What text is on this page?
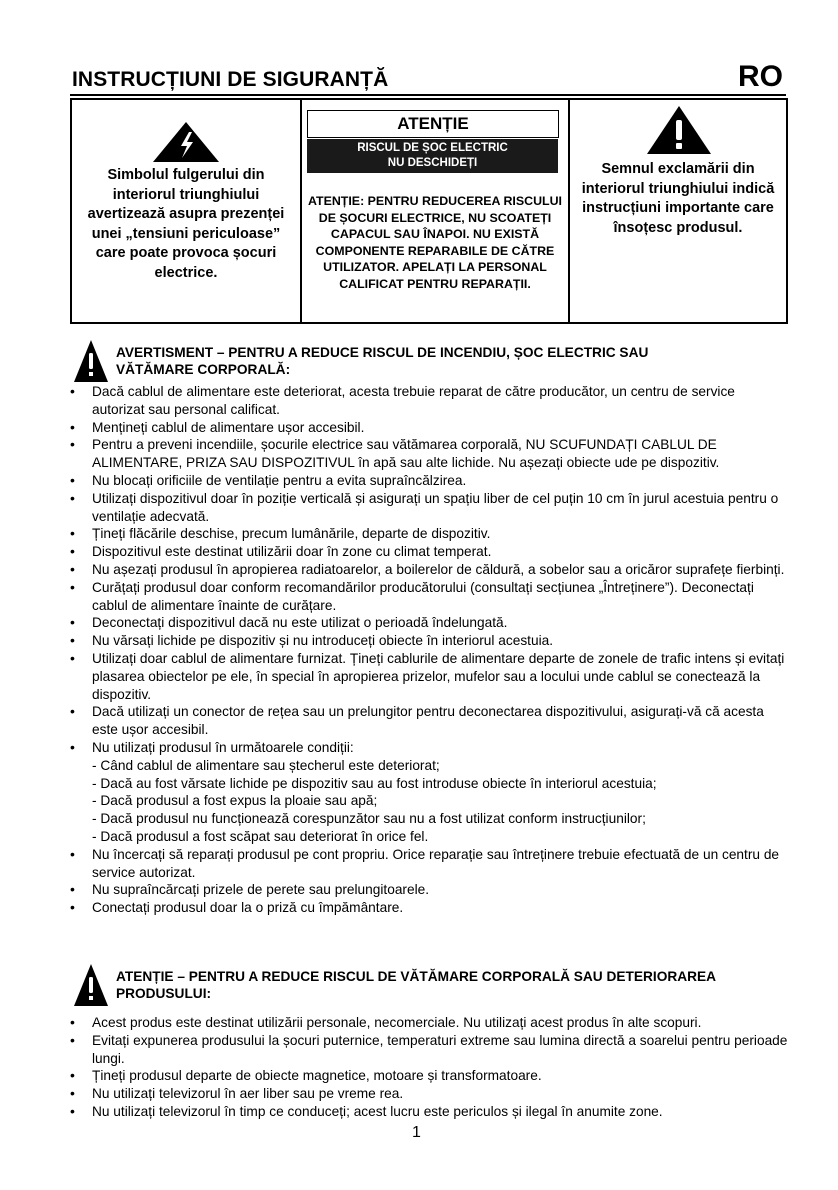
INSTRUCȚIUNI DE SIGURANȚĂ	RO
Simbolul fulgerului din interiorul triunghiului avertizează asupra prezenței unei „tensiuni periculoase” care poate provoca șocuri electrice.
ATENȚIE
RISCUL DE ȘOC ELECTRIC
NU DESCHIDEȚI
ATENȚIE: PENTRU REDUCEREA RISCULUI DE ȘOCURI ELECTRICE, NU SCOATEȚI CAPACUL SAU ÎNAPOI. NU EXISTĂ COMPONENTE REPARABILE DE CĂTRE UTILIZATOR. APELAȚI LA PERSONAL CALIFICAT PENTRU REPARAȚII.
Semnul exclamării din interiorul triunghiului indică instrucțiuni importante care însoțesc produsul.
AVERTISMENT – PENTRU A REDUCE RISCUL DE INCENDIU, ȘOC ELECTRIC SAU
VĂTĂMARE CORPORALĂ:
• Dacă cablul de alimentare este deteriorat, acesta trebuie reparat de către producător, un centru de service autorizat sau personal calificat.
• Mențineți cablul de alimentare ușor accesibil.
• Pentru a preveni incendiile, șocurile electrice sau vătămarea corporală, NU SCUFUNDAȚI CABLUL DE ALIMENTARE, PRIZA SAU DISPOZITIVUL în apă sau alte lichide. Nu așezați obiecte ude pe dispozitiv.
• Nu blocați orificiile de ventilație pentru a evita supraîncălzirea.
• Utilizați dispozitivul doar în poziție verticală și asigurați un spațiu liber de cel puțin 10 cm în jurul acestuia pentru o ventilație adecvată.
• Țineți flăcările deschise, precum lumânările, departe de dispozitiv.
• Dispozitivul este destinat utilizării doar în zone cu climat temperat.
• Nu așezați produsul în apropierea radiatoarelor, a boilerelor de căldură, a sobelor sau a oricăror suprafețe fierbinți.
• Curățați produsul doar conform recomandărilor producătorului (consultați secțiunea „Întreținere”). Deconectați cablul de alimentare înainte de curățare.
• Deconectați dispozitivul dacă nu este utilizat o perioadă îndelungată.
• Nu vărsați lichide pe dispozitiv și nu introduceți obiecte în interiorul acestuia.
• Utilizați doar cablul de alimentare furnizat. Țineți cablurile de alimentare departe de zonele de trafic intens și evitați plasarea obiectelor pe ele, în special în apropierea prizelor, mufelor sau a locului unde cablul se conectează la dispozitiv.
• Dacă utilizați un conector de rețea sau un prelungitor pentru deconectarea dispozitivului, asigurați-vă că acesta este ușor accesibil.
• Nu utilizați produsul în următoarele condiții:
- Când cablul de alimentare sau ștecherul este deteriorat;
- Dacă au fost vărsate lichide pe dispozitiv sau au fost introduse obiecte în interiorul acestuia;
- Dacă produsul a fost expus la ploaie sau apă;
- Dacă produsul nu funcționează corespunzător sau nu a fost utilizat conform instrucțiunilor;
- Dacă produsul a fost scăpat sau deteriorat în orice fel.
• Nu încercați să reparați produsul pe cont propriu. Orice reparație sau întreținere trebuie efectuată de un centru de service autorizat.
• Nu supraîncărcați prizele de perete sau prelungitoarele.
• Conectați produsul doar la o priză cu împământare.
ATENȚIE – PENTRU A REDUCE RISCUL DE VĂTĂMARE CORPORALĂ SAU DETERIORAREA
PRODUSULUI:
• Acest produs este destinat utilizării personale, necomerciale. Nu utilizați acest produs în alte scopuri.
• Evitați expunerea produsului la șocuri puternice, temperaturi extreme sau lumina directă a soarelui pentru perioade lungi.
• Țineți produsul departe de obiecte magnetice, motoare și transformatoare.
• Nu utilizați televizorul în aer liber sau pe vreme rea.
• Nu utilizați televizorul în timp ce conduceți; acest lucru este periculos și ilegal în anumite zone.
1
